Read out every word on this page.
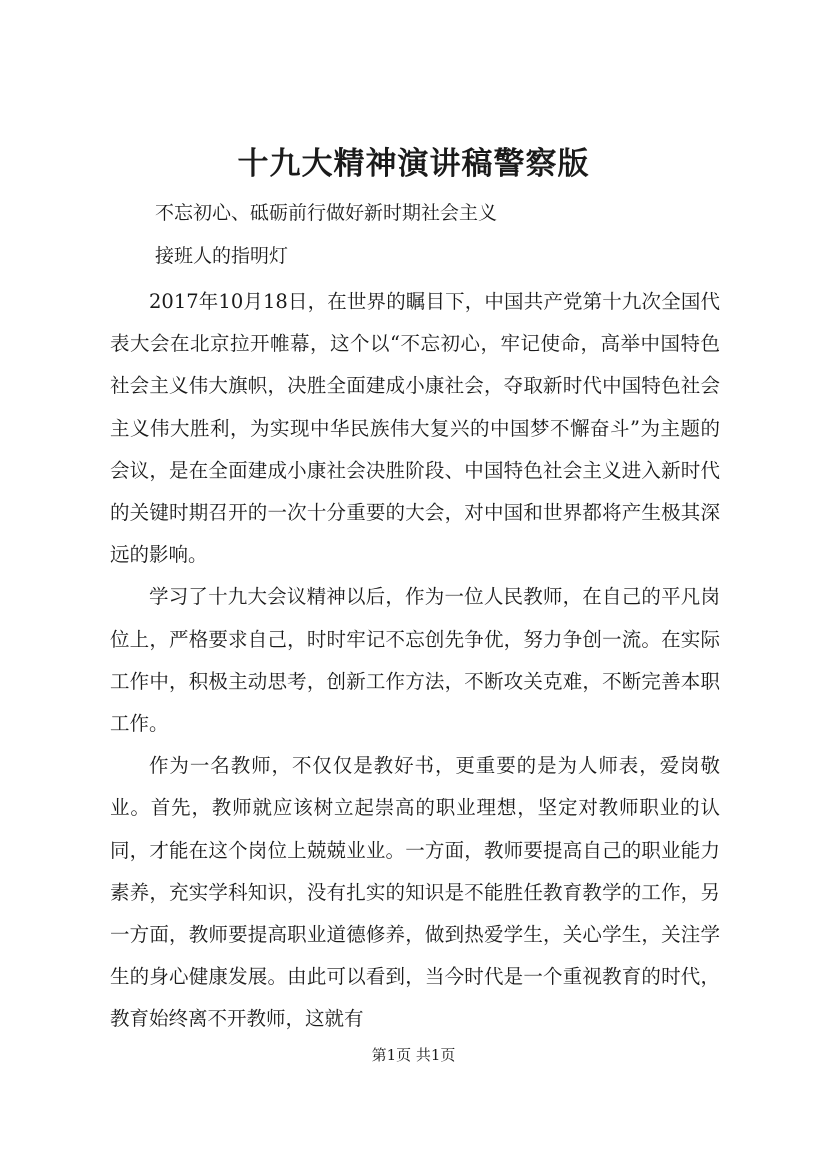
十九大精神演讲稿警察版
不忘初心、砥砺前行做好新时期社会主义
接班人的指明灯

2017年10月18日，在世界的瞩目下，中国共产党第十九次全国代表大会在北京拉开帷幕，这个以“不忘初心，牢记使命，高举中国特色社会主义伟大旗帜，决胜全面建成小康社会，夺取新时代中国特色社会主义伟大胜利，为实现中华民族伟大复兴的中国梦不懈奋斗”为主题的会议，是在全面建成小康社会决胜阶段、中国特色社会主义进入新时代的关键时期召开的一次十分重要的大会，对中国和世界都将产生极其深远的影响。

学习了十九大会议精神以后，作为一位人民教师，在自己的平凡岗位上，严格要求自己，时时牢记不忘创先争优，努力争创一流。在实际工作中，积极主动思考，创新工作方法，不断攻关克难，不断完善本职工作。

作为一名教师，不仅仅是教好书，更重要的是为人师表，爱岗敬业。首先，教师就应该树立起崇高的职业理想，坚定对教师职业的认同，才能在这个岗位上兢兢业业。一方面，教师要提高自己的职业能力素养，充实学科知识，没有扎实的知识是不能胜任教育教学的工作，另一方面，教师要提高职业道德修养，做到热爱学生，关心学生，关注学生的身心健康发展。由此可以看到，当今时代是一个重视教育的时代，教育始终离不开教师，这就有

第1页 共1页
